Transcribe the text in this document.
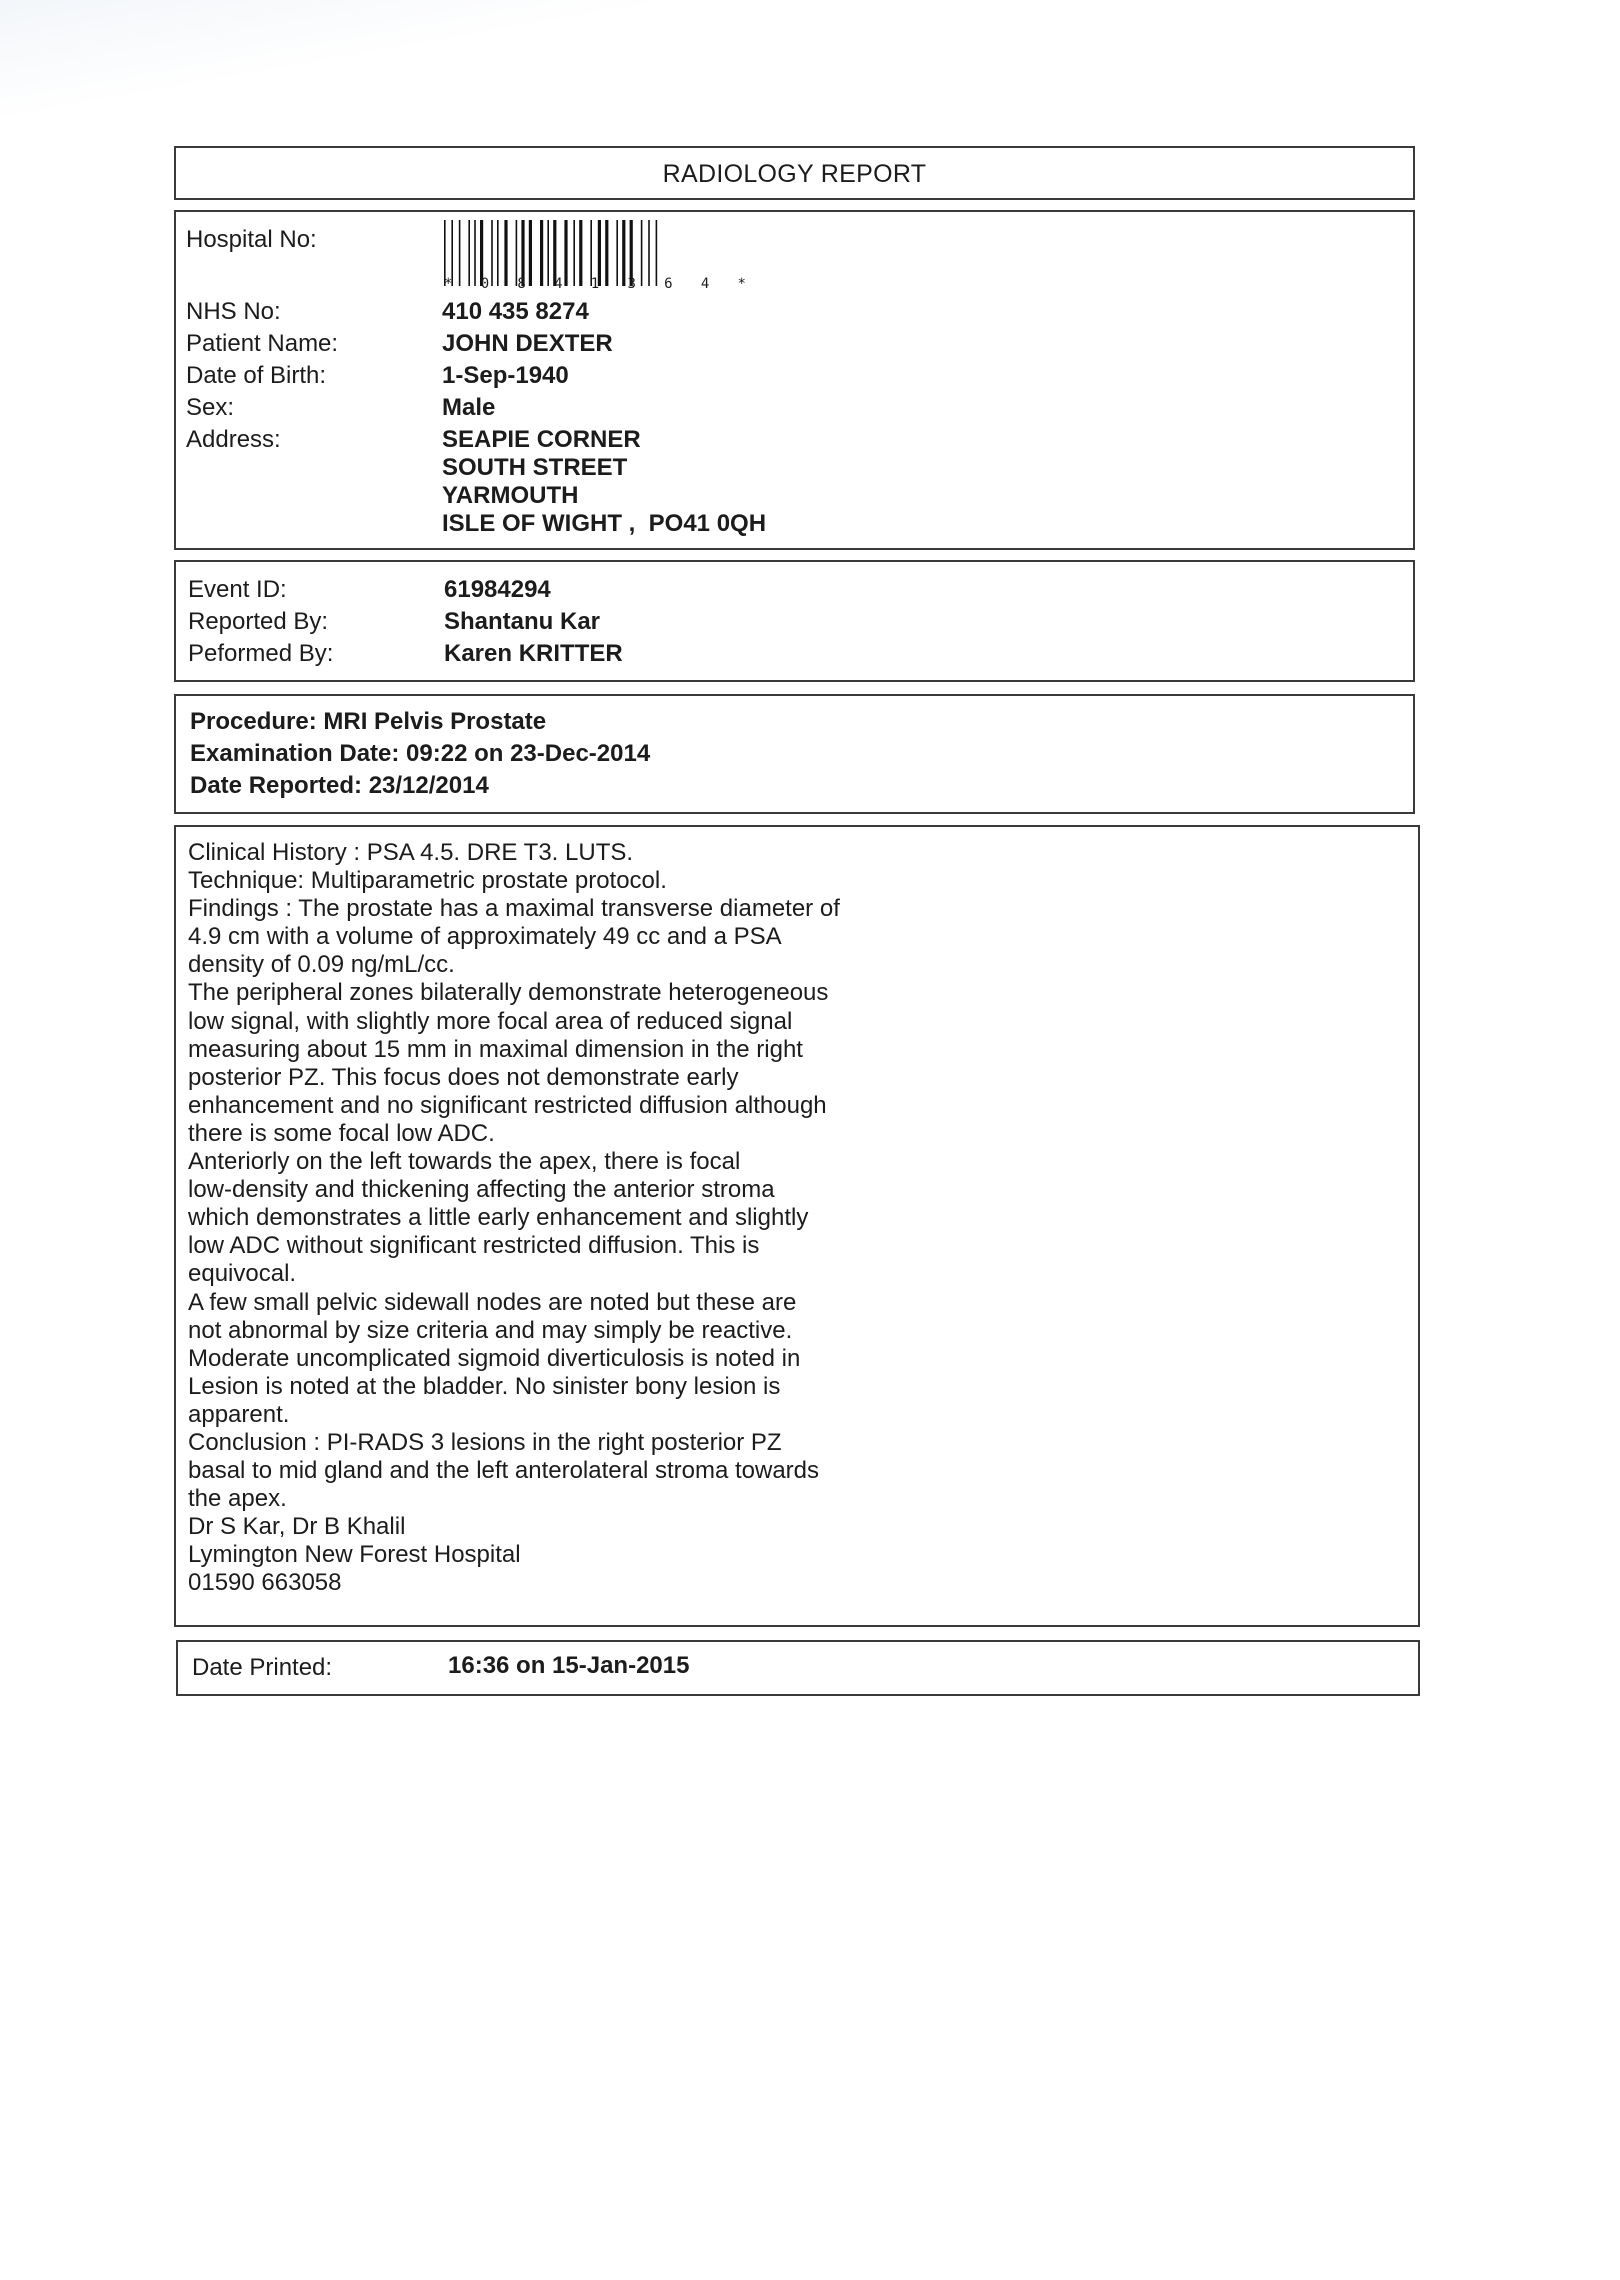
RADIOLOGY REPORT
Hospital No:
* 0 8 4 1 3 6 4 *
NHS No:	410 435 8274
Patient Name:	JOHN DEXTER
Date of Birth:	1-Sep-1940
Sex:	Male
Address:	SEAPIE CORNER
SOUTH STREET
YARMOUTH
ISLE OF WIGHT ,  PO41 0QH
Event ID:	61984294
Reported By:	Shantanu Kar
Peformed By:	Karen KRITTER
Procedure: MRI Pelvis Prostate
Examination Date: 09:22 on 23-Dec-2014
Date Reported: 23/12/2014
Clinical History : PSA 4.5. DRE T3. LUTS.
Technique: Multiparametric prostate protocol.
Findings : The prostate has a maximal transverse diameter of
4.9 cm with a volume of approximately 49 cc and a PSA
density of 0.09 ng/mL/cc.
The peripheral zones bilaterally demonstrate heterogeneous
low signal, with slightly more focal area of reduced signal
measuring about 15 mm in maximal dimension in the right
posterior PZ. This focus does not demonstrate early
enhancement and no significant restricted diffusion although
there is some focal low ADC.
Anteriorly on the left towards the apex, there is focal
low-density and thickening affecting the anterior stroma
which demonstrates a little early enhancement and slightly
low ADC without significant restricted diffusion. This is
equivocal.
A few small pelvic sidewall nodes are noted but these are
not abnormal by size criteria and may simply be reactive.
Moderate uncomplicated sigmoid diverticulosis is noted in
Lesion is noted at the bladder. No sinister bony lesion is
apparent.
Conclusion : PI-RADS 3 lesions in the right posterior PZ
basal to mid gland and the left anterolateral stroma towards
the apex.
Dr S Kar, Dr B Khalil
Lymington New Forest Hospital
01590 663058
Date Printed:	16:36 on 15-Jan-2015
